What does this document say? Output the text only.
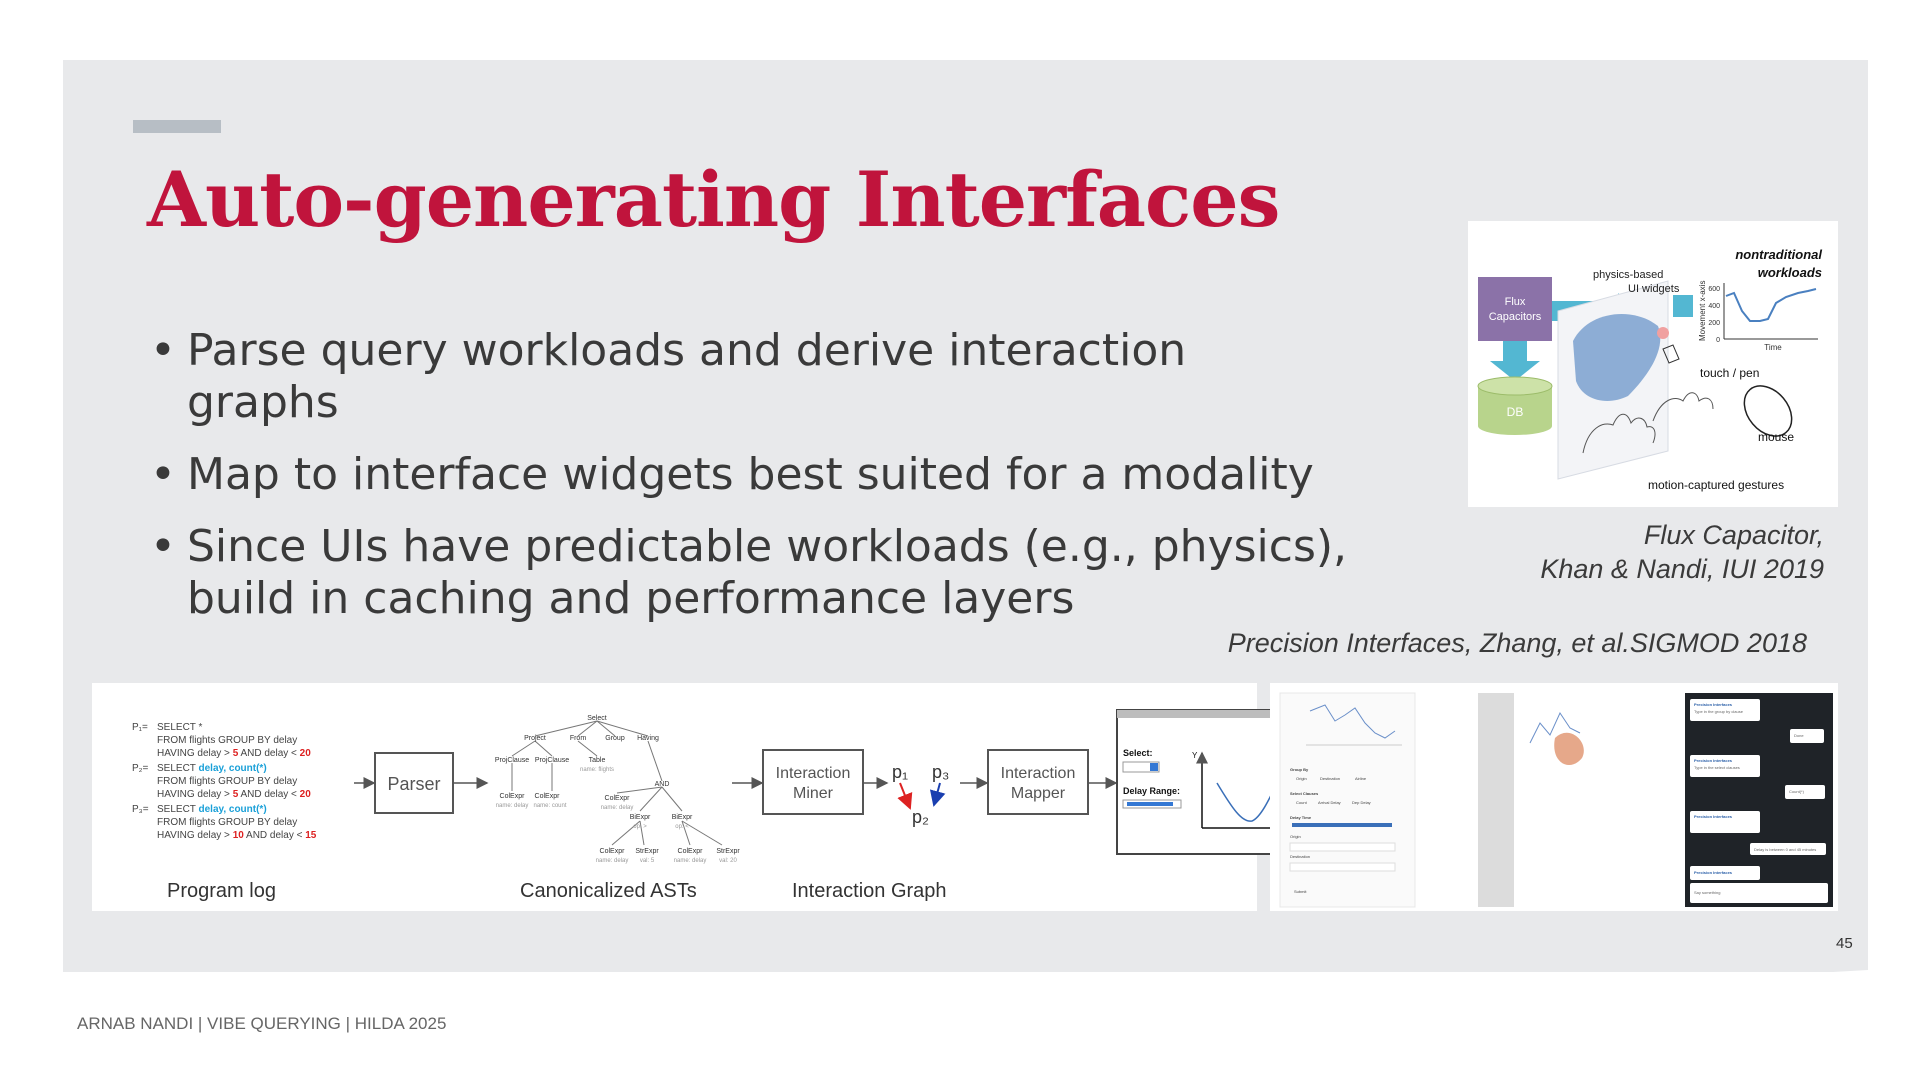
Auto-generating Interfaces
• Parse query workloads and derive interaction graphs
• Map to interface widgets best suited for a modality
• Since UIs have predictable workloads (e.g., physics), build in caching and performance layers
Flux
Capacitors
DB
physics-based
UI widgets
nontraditional
workloads
Movement x-axis 600
400
200
0
Time
touch / pen
mouse
motion-captured gestures
Flux Capacitor,
Khan & Nandi, IUI 2019
Precision Interfaces, Zhang, et al.SIGMOD 2018
P₁= SELECT *
FROM flights GROUP BY delay
HAVING delay > 5 AND delay < 20
P₂= SELECT delay, count(*)
FROM flights GROUP BY delay
HAVING delay > 5 AND delay < 20
P₃= SELECT delay, count(*)
FROM flights GROUP BY delay
HAVING delay > 10 AND delay < 15
Parser
Select
Project	From	Group Having
ProjClause ProjClause	Table
AND
ColExpr ColExpr	ColExpr
BiExpr	BiExpr
ColExpr StrExpr	ColExpr StrExpr
name: delay name: count
name: flights
name: delay
op: >	op: <
name: delay val: 5	name: delay val: 20
Interaction
Miner
p₁ p₃
p₂
Interaction
Mapper
Select:
Delay Range:
Y
Program log	Canonicalized ASTs	Interaction Graph
Group By
Origin	Destination	Airline
Select Clauses
Count	Arrival Delay	Dep Delay
Delay Time
Origin
Destination
Submit
Precision Interfaces
Type in the group by clause
Done
Precision Interfaces
Type in the select clauses
Count(*)
Precision Interfaces
Delay is between 0 and 45 minutes
Precision Interfaces
Say something
45
ARNAB NANDI | VIBE QUERYING | HILDA 2025
